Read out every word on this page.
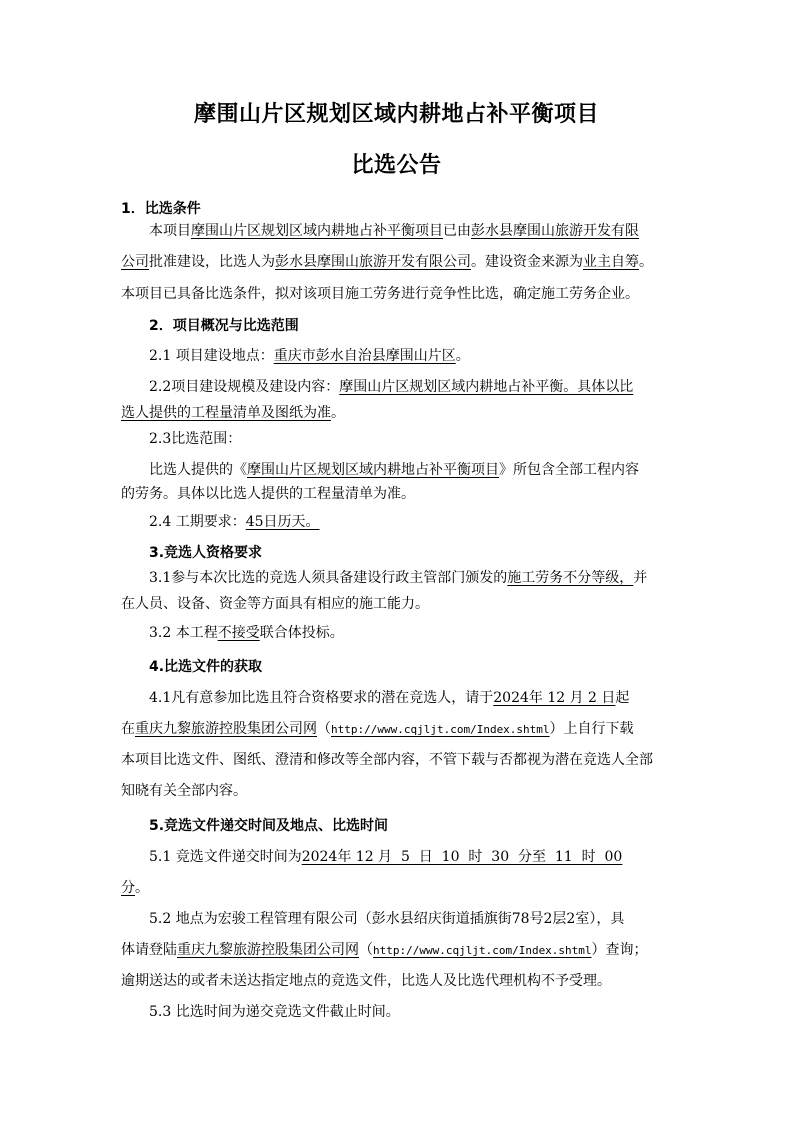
摩围山片区规划区域内耕地占补平衡项目
比选公告
1．比选条件
本项目摩围山片区规划区域内耕地占补平衡项目已由彭水县摩围山旅游开发有限
公司批准建设，比选人为彭水县摩围山旅游开发有限公司。建设资金来源为业主自筹。
本项目已具备比选条件，拟对该项目施工劳务进行竞争性比选，确定施工劳务企业。
2．项目概况与比选范围
2.1 项目建设地点：重庆市彭水自治县摩围山片区。
2.2项目建设规模及建设内容：摩围山片区规划区域内耕地占补平衡。具体以比
选人提供的工程量清单及图纸为准。
2.3比选范围：
比选人提供的《摩围山片区规划区域内耕地占补平衡项目》所包含全部工程内容
的劳务。具体以比选人提供的工程量清单为准。
2.4 工期要求：45日历天。
3.竞选人资格要求
3.1参与本次比选的竞选人须具备建设行政主管部门颁发的施工劳务不分等级，并
在人员、设备、资金等方面具有相应的施工能力。
3.2 本工程不接受联合体投标。
4.比选文件的获取
4.1凡有意参加比选且符合资格要求的潜在竞选人，请于2024年 12 月 2 日起
在重庆九黎旅游控股集团公司网（http://www.cqjljt.com/Index.shtml）上自行下载
本项目比选文件、图纸、澄清和修改等全部内容，不管下载与否都视为潜在竞选人全部
知晓有关全部内容。
5.竞选文件递交时间及地点、比选时间
5.1 竞选文件递交时间为2024年 12 月  5  日  10  时  30  分至  11  时  00
分。
5.2 地点为宏骏工程管理有限公司（彭水县绍庆街道插旗街78号2层2室），具
体请登陆重庆九黎旅游控股集团公司网（http://www.cqjljt.com/Index.shtml）查询；
逾期送达的或者未送达指定地点的竞选文件，比选人及比选代理机构不予受理。
5.3 比选时间为递交竞选文件截止时间。
